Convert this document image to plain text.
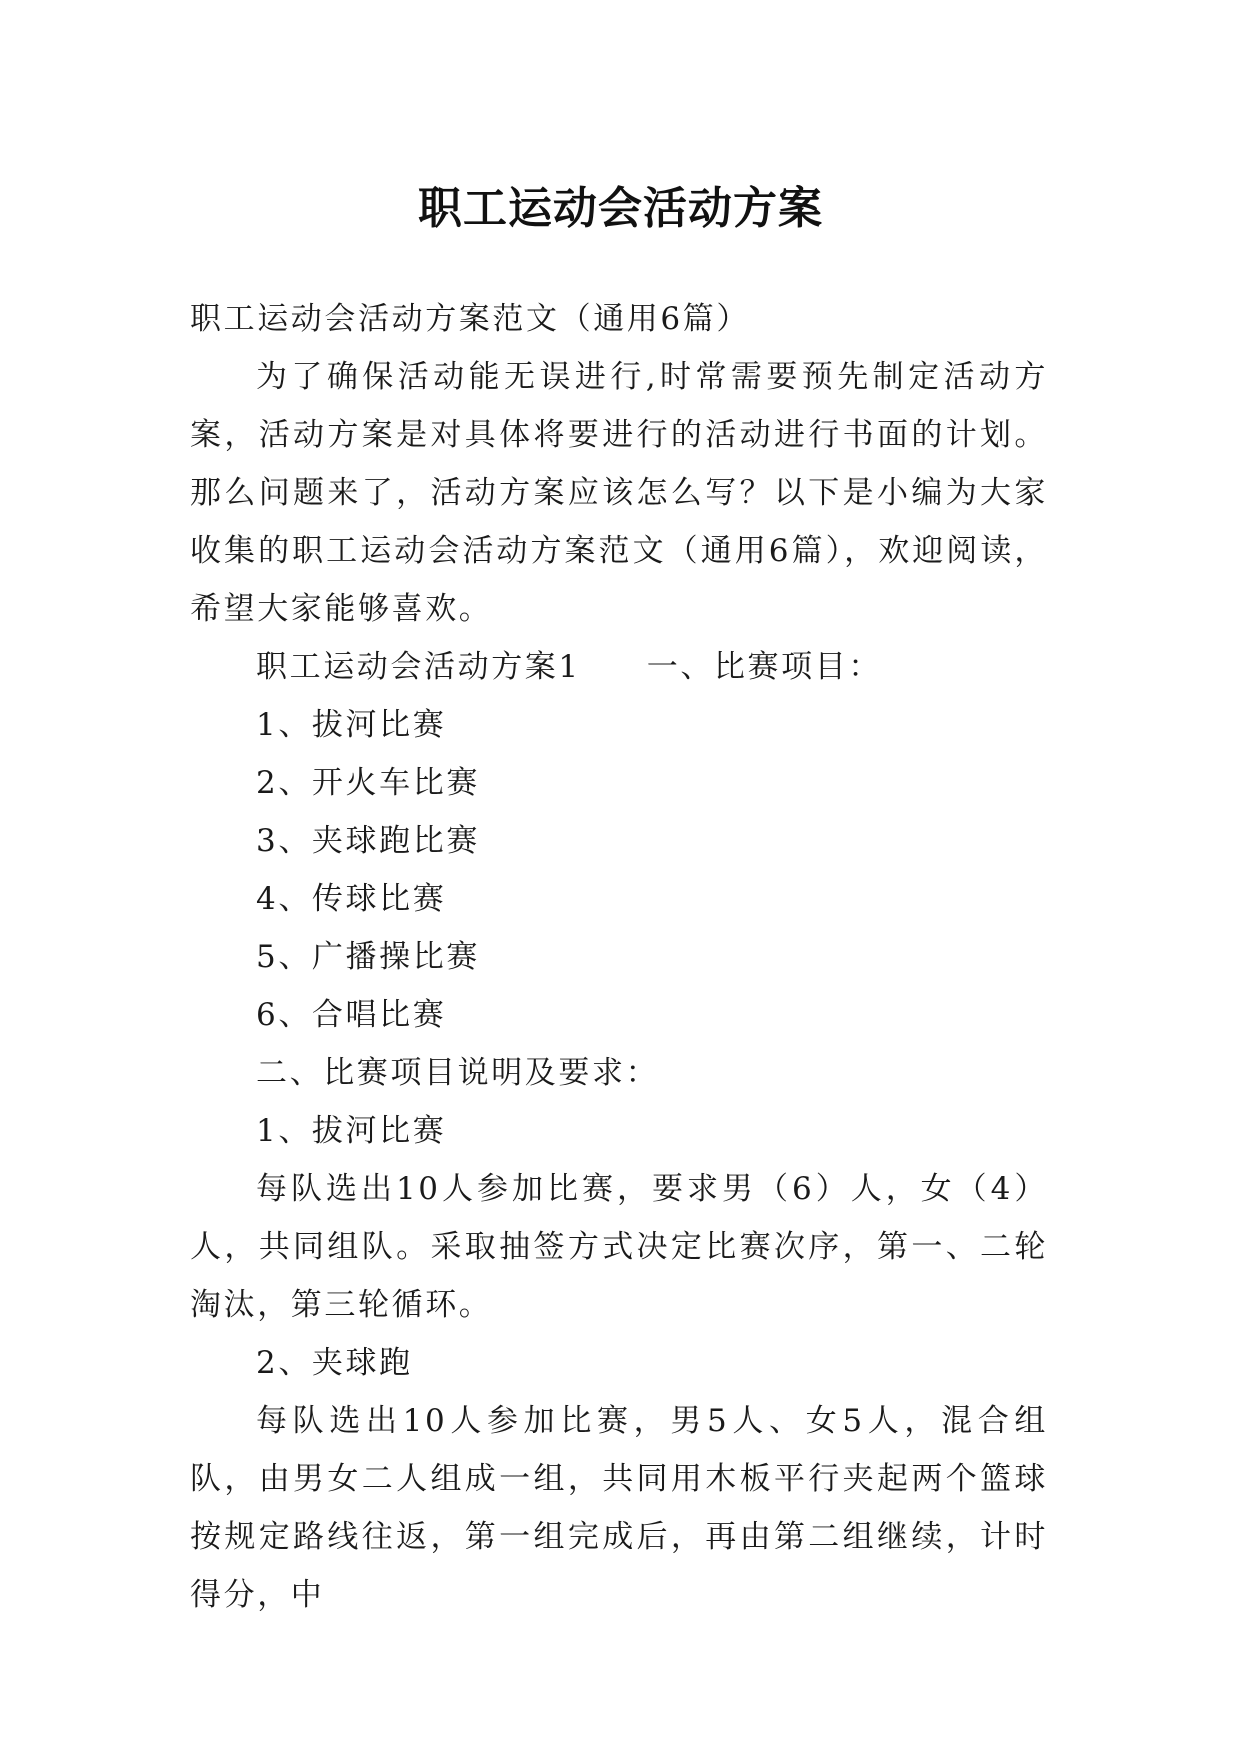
职工运动会活动方案

职工运动会活动方案范文（通用6篇）

为了确保活动能无误进行,时常需要预先制定活动方案，活动方案是对具体将要进行的活动进行书面的计划。那么问题来了，活动方案应该怎么写？以下是小编为大家收集的职工运动会活动方案范文（通用6篇），欢迎阅读，希望大家能够喜欢。

职工运动会活动方案1 一、比赛项目：

1、拔河比赛

2、开火车比赛

3、夹球跑比赛

4、传球比赛

5、广播操比赛

6、合唱比赛

二、比赛项目说明及要求：

1、拔河比赛

每队选出10人参加比赛，要求男（6）人，女（4）人，共同组队。采取抽签方式决定比赛次序，第一、二轮淘汰，第三轮循环。

2、夹球跑

每队选出10人参加比赛，男5人、女5人，混合组队，由男女二人组成一组，共同用木板平行夹起两个篮球按规定路线往返，第一组完成后，再由第二组继续，计时得分，中
